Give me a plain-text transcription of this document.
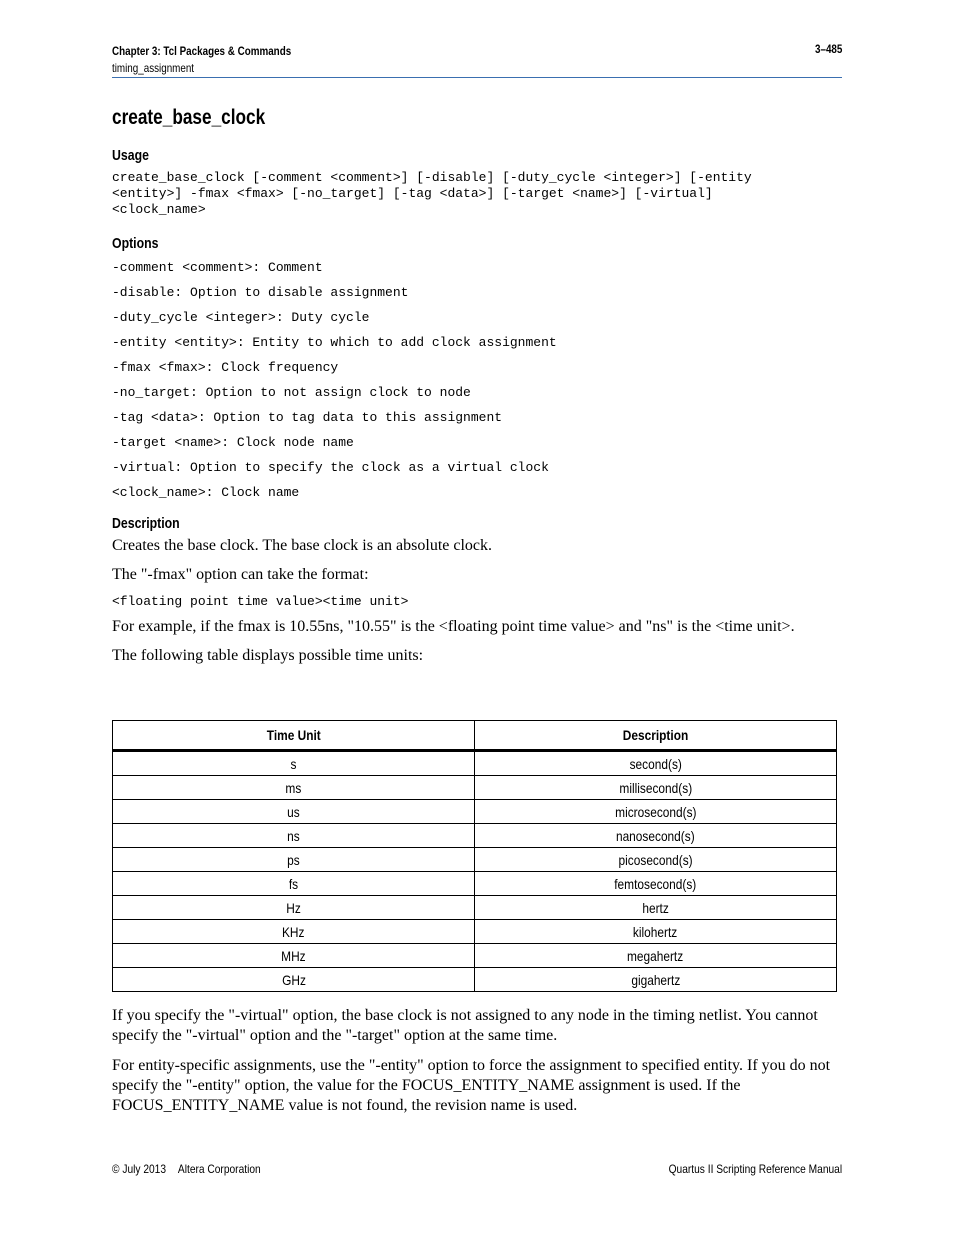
Chapter 3: Tcl Packages & Commands	3–485
timing_assignment
create_base_clock
Usage
create_base_clock [-comment <comment>] [-disable] [-duty_cycle <integer>] [-entity <entity>] -fmax <fmax> [-no_target] [-tag <data>] [-target <name>] [-virtual] <clock_name>
Options
-comment <comment>: Comment
-disable: Option to disable assignment
-duty_cycle <integer>: Duty cycle
-entity <entity>: Entity to which to add clock assignment
-fmax <fmax>: Clock frequency
-no_target: Option to not assign clock to node
-tag <data>: Option to tag data to this assignment
-target <name>: Clock node name
-virtual: Option to specify the clock as a virtual clock
<clock_name>: Clock name
Description

Creates the base clock. The base clock is an absolute clock.

The "-fmax" option can take the format:

<floating point time value><time unit>

For example, if the fmax is 10.55ns, "10.55" is the <floating point time value> and "ns" is the <time unit>.

The following table displays possible time units:

Time Unit	Description
s	second(s)
ms	millisecond(s)
us	microsecond(s)
ns	nanosecond(s)
ps	picosecond(s)
fs	femtosecond(s)
Hz	hertz
KHz	kilohertz
MHz	megahertz
GHz	gigahertz

If you specify the "-virtual" option, the base clock is not assigned to any node in the timing netlist. You cannot specify the "-virtual" option and the "-target" option at the same time.

For entity-specific assignments, use the "-entity" option to force the assignment to specified entity. If you do not specify the "-entity" option, the value for the FOCUS_ENTITY_NAME assignment is used. If the FOCUS_ENTITY_NAME value is not found, the revision name is used.

© July 2013 Altera Corporation	Quartus II Scripting Reference Manual
